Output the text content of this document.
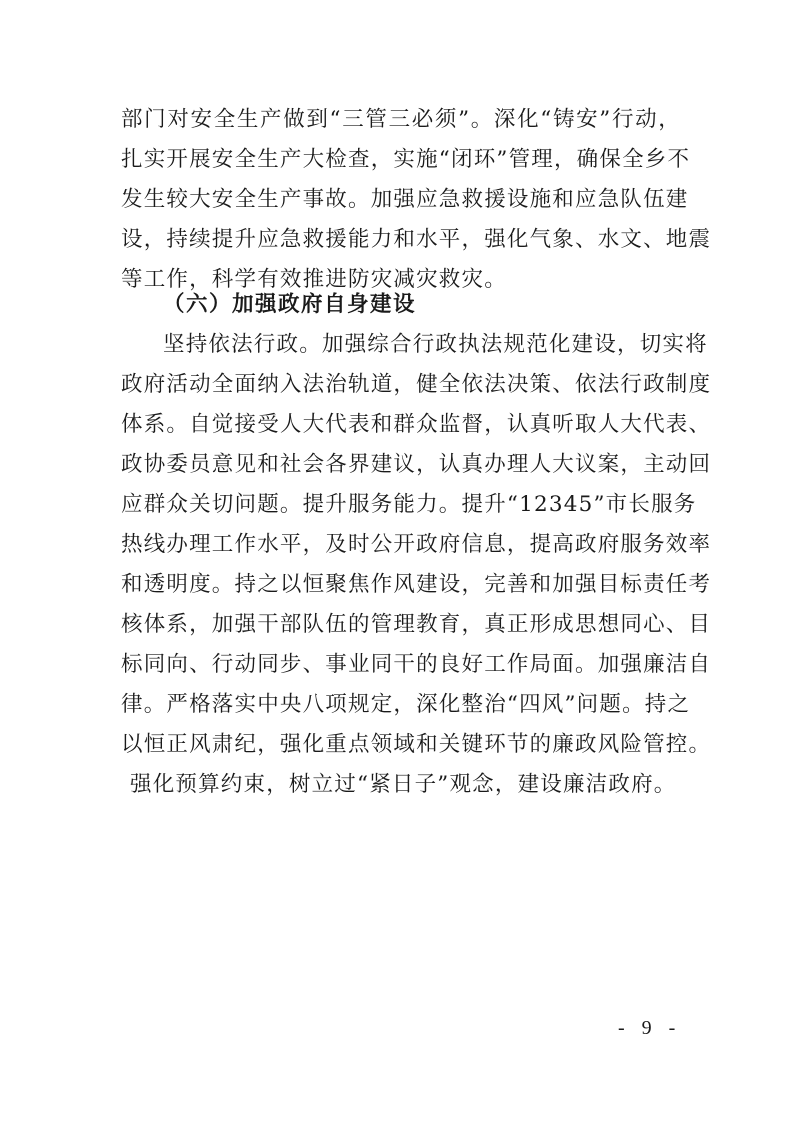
部门对安全生产做到“三管三必须”。深化“铸安”行动，
扎实开展安全生产大检查，实施“闭环”管理，确保全乡不
发生较大安全生产事故。加强应急救援设施和应急队伍建
设，持续提升应急救援能力和水平，强化气象、水文、地震
等工作，科学有效推进防灾减灾救灾。
（六）加强政府自身建设
坚持依法行政。加强综合行政执法规范化建设，切实将
政府活动全面纳入法治轨道，健全依法决策、依法行政制度
体系。自觉接受人大代表和群众监督，认真听取人大代表、
政协委员意见和社会各界建议，认真办理人大议案，主动回
应群众关切问题。提升服务能力。提升“12345”市长服务
热线办理工作水平，及时公开政府信息，提高政府服务效率
和透明度。持之以恒聚焦作风建设，完善和加强目标责任考
核体系，加强干部队伍的管理教育，真正形成思想同心、目
标同向、行动同步、事业同干的良好工作局面。加强廉洁自
律。严格落实中央八项规定，深化整治“四风”问题。持之
以恒正风肃纪，强化重点领域和关键环节的廉政风险管控。
强化预算约束，树立过“紧日子”观念，建设廉洁政府。
- 9 -
